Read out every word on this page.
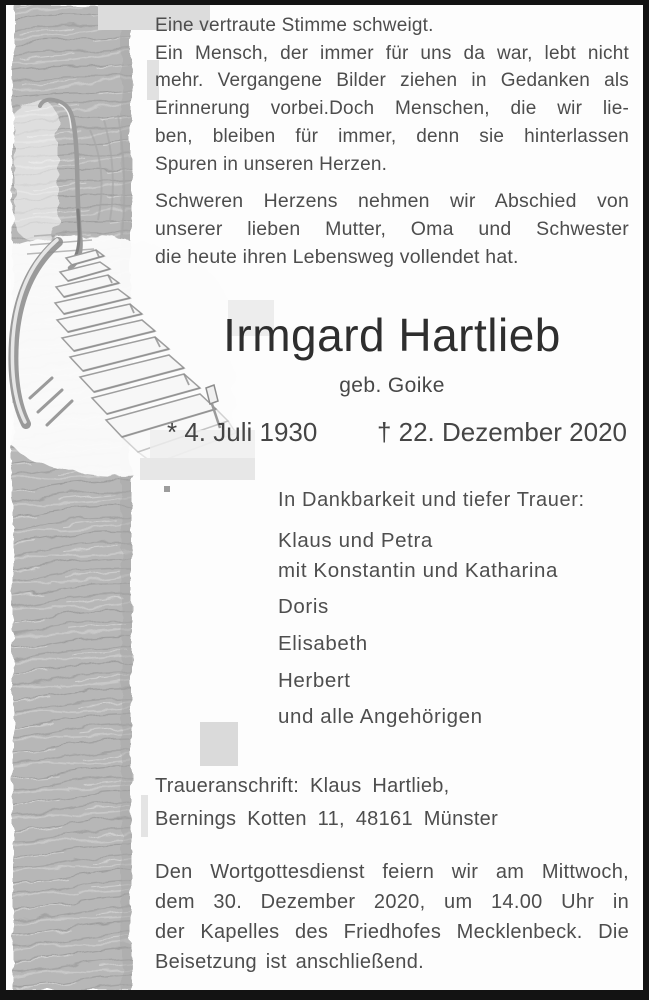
Eine vertraute Stimme schweigt.
Ein Mensch, der immer für uns da war, lebt nicht
mehr. Vergangene Bilder ziehen in Gedanken als
Erinnerung vorbei.Doch Menschen, die wir lie-
ben, bleiben für immer, denn sie hinterlassen
Spuren in unseren Herzen.
Schweren Herzens nehmen wir Abschied von
unserer lieben Mutter, Oma und Schwester
die heute ihren Lebensweg vollendet hat.
Irmgard Hartlieb
geb. Goike
* 4. Juli 1930 † 22. Dezember 2020
In Dankbarkeit und tiefer Trauer:
Klaus und Petra
mit Konstantin und Katharina
Doris
Elisabeth
Herbert
und alle Angehörigen
Traueranschrift: Klaus Hartlieb,
Bernings Kotten 11, 48161 Münster
Den Wortgottesdienst feiern wir am Mittwoch,
dem 30. Dezember 2020, um 14.00 Uhr in
der Kapelles des Friedhofes Mecklenbeck. Die
Beisetzung ist anschließend.
